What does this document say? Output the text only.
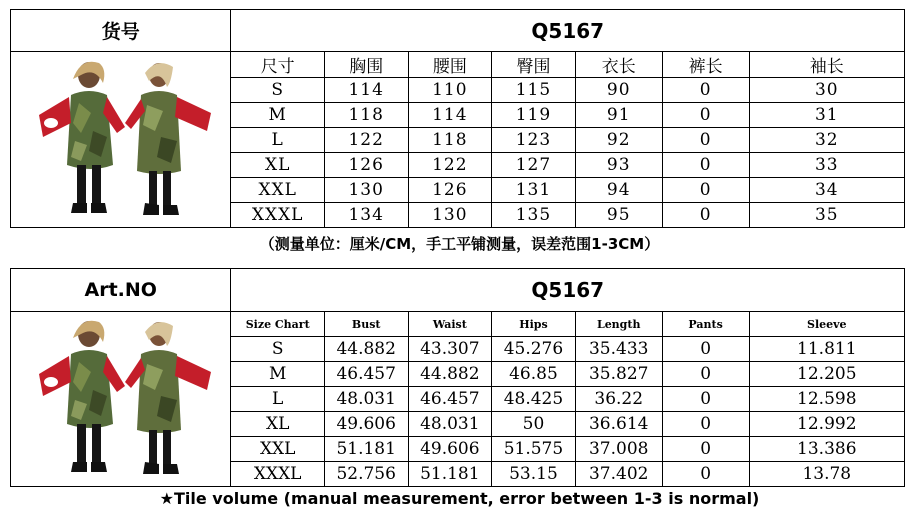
货号	Q5167						
	尺寸	胸围	腰围	臀围	衣长	裤长	袖长
	S	114	110	115	90	0	30
	M	118	114	119	91	0	31
	L	122	118	123	92	0	32
	XL	126	122	127	93	0	33
	XXL	130	126	131	94	0	34
	XXXL	134	130	135	95	0	35
（测量单位：厘米/CM，手工平铺测量，误差范围1-3CM）
Art.NO	Q5167						
	Size Chart	Bust	Waist	Hips	Length	Pants	Sleeve
	S	44.882	43.307	45.276	35.433	0	11.811
	M	46.457	44.882	46.85	35.827	0	12.205
	L	48.031	46.457	48.425	36.22	0	12.598
	XL	49.606	48.031	50	36.614	0	12.992
	XXL	51.181	49.606	51.575	37.008	0	13.386
	XXXL	52.756	51.181	53.15	37.402	0	13.78
★Tile volume (manual measurement, error between 1-3 is normal)
